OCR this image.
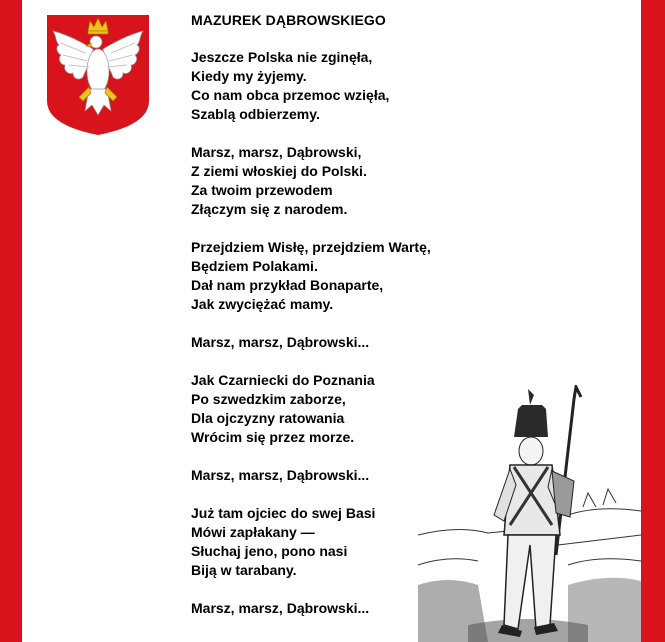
MAZUREK DĄBROWSKIEGO
Jeszcze Polska nie zginęła,
Kiedy my żyjemy.
Co nam obca przemoc wzięła,
Szablą odbierzemy.
Marsz, marsz, Dąbrowski,
Z ziemi włoskiej do Polski.
Za twoim przewodem
Złączym się z narodem.
Przejdziem Wisłę, przejdziem Wartę,
Będziem Polakami.
Dał nam przykład Bonaparte,
Jak zwyciężać mamy.
Marsz, marsz, Dąbrowski...
Jak Czarniecki do Poznania
Po szwedzkim zaborze,
Dla ojczyzny ratowania
Wrócim się przez morze.
Marsz, marsz, Dąbrowski...
Już tam ojciec do swej Basi
Mówi zapłakany —
Słuchaj jeno, pono nasi
Biją w tarabany.
Marsz, marsz, Dąbrowski...
